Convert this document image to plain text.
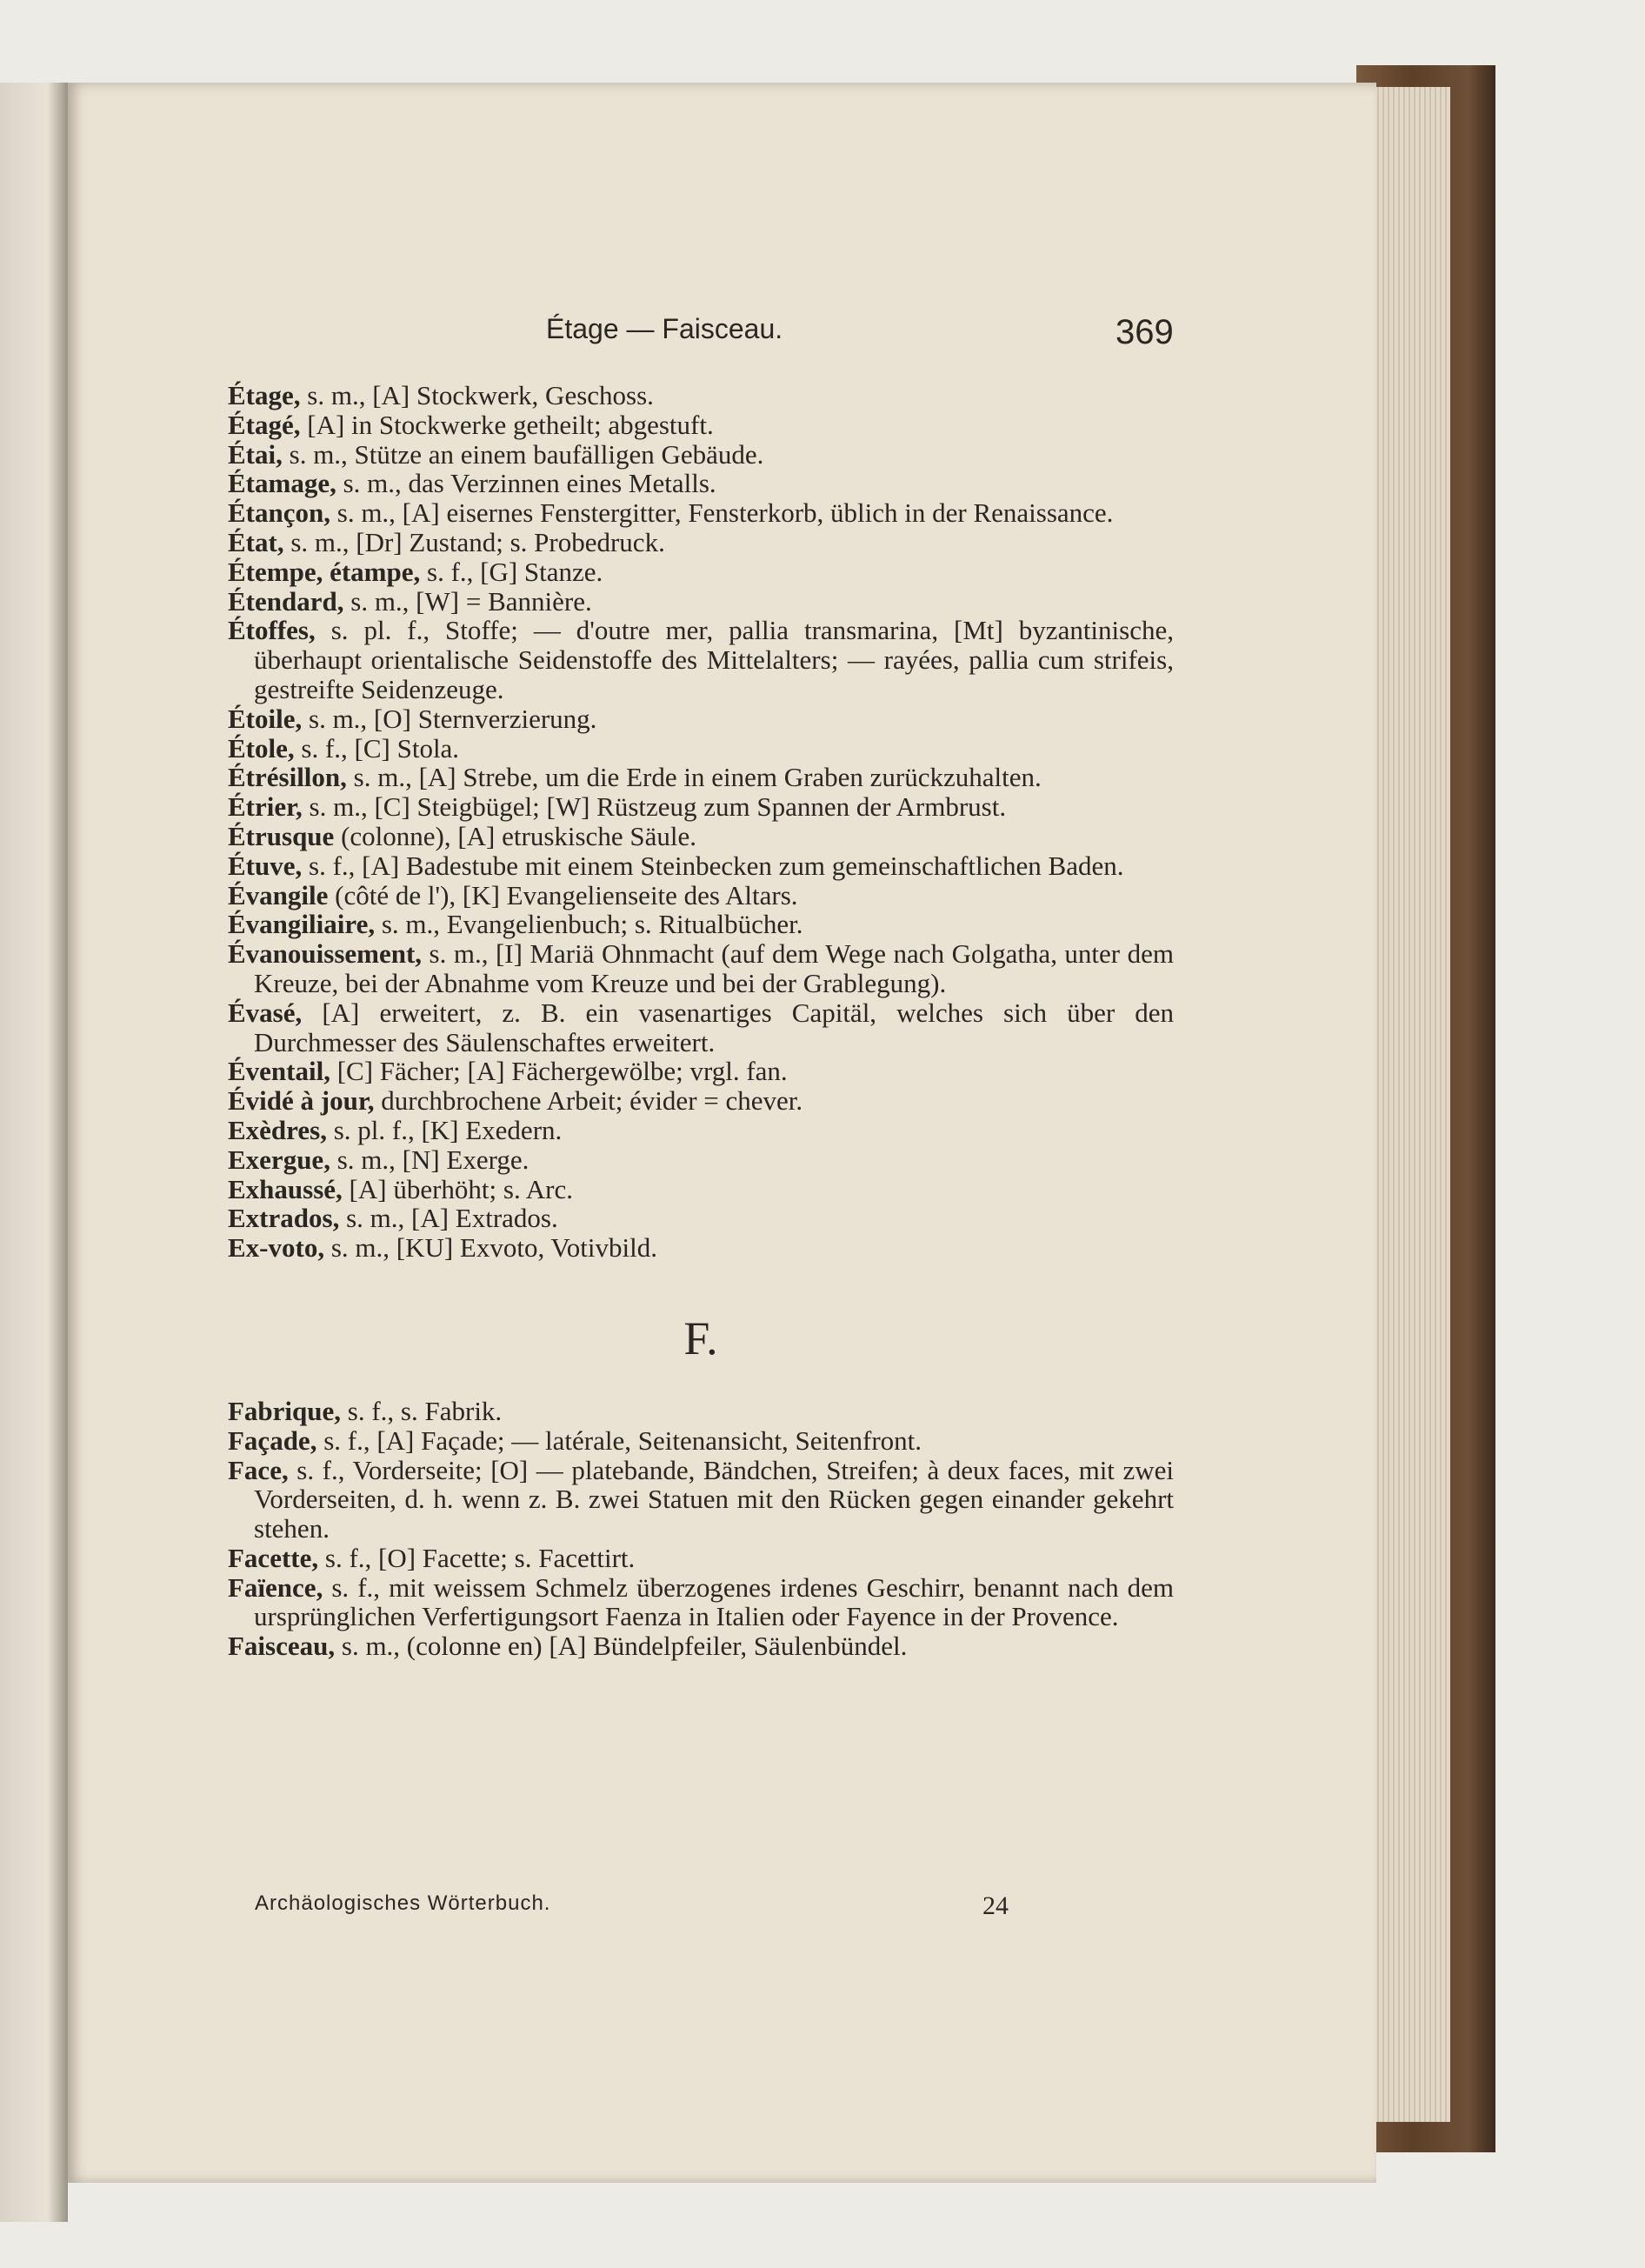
Étage — Faisceau.	369
Étage, s. m., [A] Stockwerk, Geschoss.
Étagé, [A] in Stockwerke getheilt; abgestuft.
Étai, s. m., Stütze an einem baufälligen Gebäude.
Étamage, s. m., das Verzinnen eines Metalls.
Étançon, s. m., [A] eisernes Fenstergitter, Fensterkorb, üblich in der Renaissance.
État, s. m., [Dr] Zustand; s. Probedruck.
Étempe, étampe, s. f., [G] Stanze.
Étendard, s. m., [W] = Bannière.
Étoffes, s. pl. f., Stoffe; — d'outre mer, pallia transmarina, [Mt] byzantinische, überhaupt orientalische Seidenstoffe des Mittelalters; — rayées, pallia cum strifeis, gestreifte Seidenzeuge.
Étoile, s. m., [O] Sternverzierung.
Étole, s. f., [C] Stola.
Étrésillon, s. m., [A] Strebe, um die Erde in einem Graben zurückzuhalten.
Étrier, s. m., [C] Steigbügel; [W] Rüstzeug zum Spannen der Armbrust.
Étrusque (colonne), [A] etruskische Säule.
Étuve, s. f., [A] Badestube mit einem Steinbecken zum gemeinschaftlichen Baden.
Évangile (côté de l'), [K] Evangelienseite des Altars.
Évangiliaire, s. m., Evangelienbuch; s. Ritualbücher.
Évanouissement, s. m., [I] Mariä Ohnmacht (auf dem Wege nach Golgatha, unter dem Kreuze, bei der Abnahme vom Kreuze und bei der Grablegung).
Évasé, [A] erweitert, z. B. ein vasenartiges Capitäl, welches sich über den Durchmesser des Säulenschaftes erweitert.
Éventail, [C] Fächer; [A] Fächergewölbe; vrgl. fan.
Évidé à jour, durchbrochene Arbeit; évider = chever.
Exèdres, s. pl. f., [K] Exedern.
Exergue, s. m., [N] Exerge.
Exhaussé, [A] überhöht; s. Arc.
Extrados, s. m., [A] Extrados.
Ex-voto, s. m., [KU] Exvoto, Votivbild.
F.
Fabrique, s. f., s. Fabrik.
Façade, s. f., [A] Façade; — latérale, Seitenansicht, Seitenfront.
Face, s. f., Vorderseite; [O] — platebande, Bändchen, Streifen; à deux faces, mit zwei Vorderseiten, d. h. wenn z. B. zwei Statuen mit den Rücken gegen einander gekehrt stehen.
Facette, s. f., [O] Facette; s. Facettirt.
Faïence, s. f., mit weissem Schmelz überzogenes irdenes Geschirr, benannt nach dem ursprünglichen Verfertigungsort Faenza in Italien oder Fayence in der Provence.
Faisceau, s. m., (colonne en) [A] Bündelpfeiler, Säulenbündel.
Archäologisches Wörterbuch.	24
